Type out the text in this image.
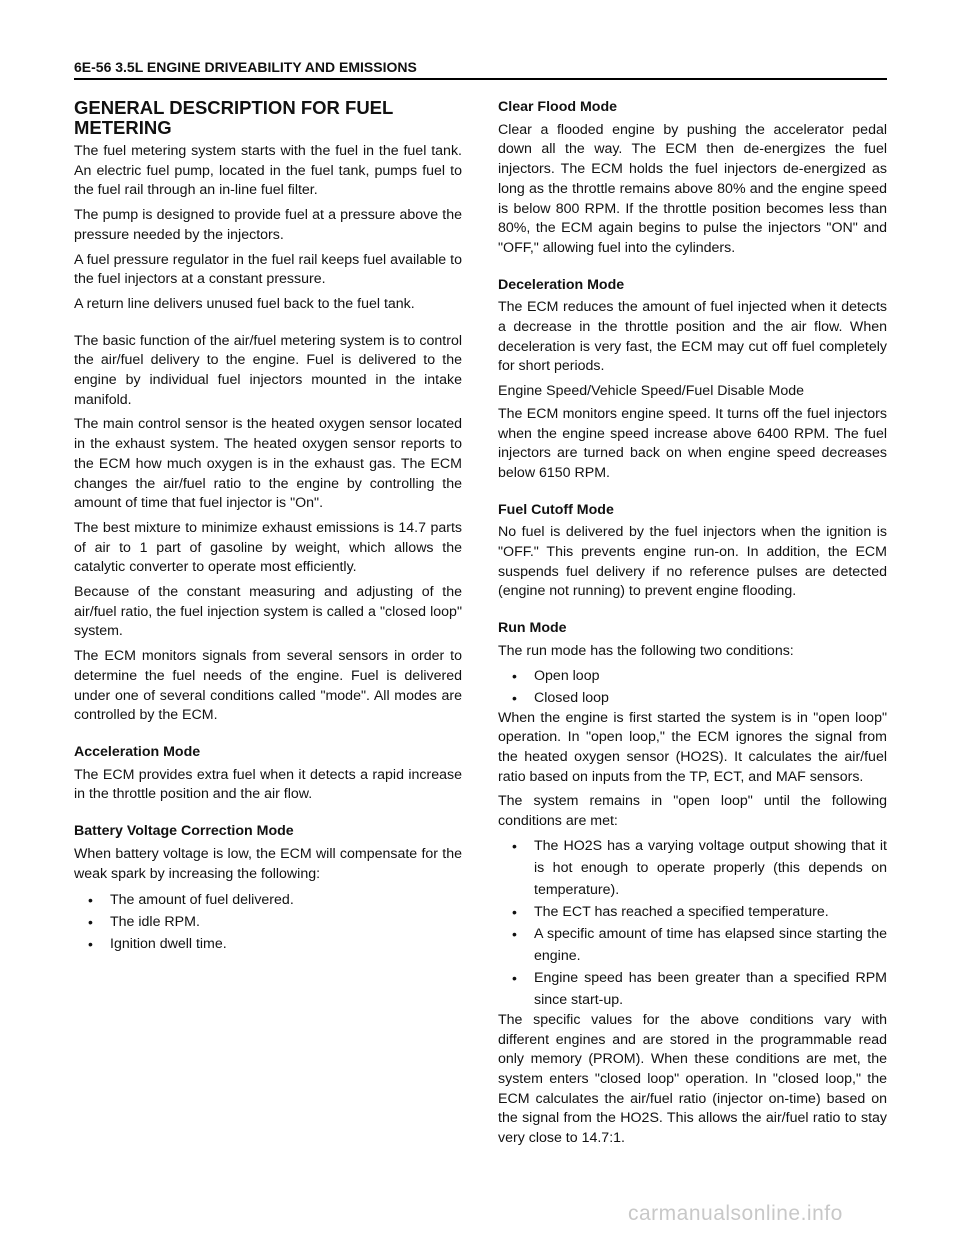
6E-56 3.5L ENGINE DRIVEABILITY AND EMISSIONS
GENERAL DESCRIPTION FOR FUEL METERING

The fuel metering system starts with the fuel in the fuel tank. An electric fuel pump, located in the fuel tank, pumps fuel to the fuel rail through an in-line fuel filter.

The pump is designed to provide fuel at a pressure above the pressure needed by the injectors.

A fuel pressure regulator in the fuel rail keeps fuel available to the fuel injectors at a constant pressure.

A return line delivers unused fuel back to the fuel tank.

The basic function of the air/fuel metering system is to control the air/fuel delivery to the engine. Fuel is delivered to the engine by individual fuel injectors mounted in the intake manifold.

The main control sensor is the heated oxygen sensor located in the exhaust system. The heated oxygen sensor reports to the ECM how much oxygen is in the exhaust gas. The ECM changes the air/fuel ratio to the engine by controlling the amount of time that fuel injector is "On".

The best mixture to minimize exhaust emissions is 14.7 parts of air to 1 part of gasoline by weight, which allows the catalytic converter to operate most efficiently.

Because of the constant measuring and adjusting of the air/fuel ratio, the fuel injection system is called a "closed loop" system.

The ECM monitors signals from several sensors in order to determine the fuel needs of the engine. Fuel is delivered under one of several conditions called "mode". All modes are controlled by the ECM.

Acceleration Mode

The ECM provides extra fuel when it detects a rapid increase in the throttle position and the air flow.

Battery Voltage Correction Mode

When battery voltage is low, the ECM will compensate for the weak spark by increasing the following:

• The amount of fuel delivered.
• The idle RPM.
• Ignition dwell time.
Clear Flood Mode

Clear a flooded engine by pushing the accelerator pedal down all the way. The ECM then de-energizes the fuel injectors. The ECM holds the fuel injectors de-energized as long as the throttle remains above 80% and the engine speed is below 800 RPM. If the throttle position becomes less than 80%, the ECM again begins to pulse the injectors "ON" and "OFF," allowing fuel into the cylinders.

Deceleration Mode

The ECM reduces the amount of fuel injected when it detects a decrease in the throttle position and the air flow. When deceleration is very fast, the ECM may cut off fuel completely for short periods.

Engine Speed/Vehicle Speed/Fuel Disable Mode

The ECM monitors engine speed. It turns off the fuel injectors when the engine speed increase above 6400 RPM. The fuel injectors are turned back on when engine speed decreases below 6150 RPM.

Fuel Cutoff Mode

No fuel is delivered by the fuel injectors when the ignition is "OFF." This prevents engine run-on. In addition, the ECM suspends fuel delivery if no reference pulses are detected (engine not running) to prevent engine flooding.

Run Mode

The run mode has the following two conditions:

• Open loop
• Closed loop

When the engine is first started the system is in "open loop" operation. In "open loop," the ECM ignores the signal from the heated oxygen sensor (HO2S). It calculates the air/fuel ratio based on inputs from the TP, ECT, and MAF sensors.

The system remains in "open loop" until the following conditions are met:

• The HO2S has a varying voltage output showing that it is hot enough to operate properly (this depends on temperature).
• The ECT has reached a specified temperature.
• A specific amount of time has elapsed since starting the engine.
• Engine speed has been greater than a specified RPM since start-up.

The specific values for the above conditions vary with different engines and are stored in the programmable read only memory (PROM). When these conditions are met, the system enters "closed loop" operation. In "closed loop," the ECM calculates the air/fuel ratio (injector on-time) based on the signal from the HO2S. This allows the air/fuel ratio to stay very close to 14.7:1.

carmanualsonline.info
